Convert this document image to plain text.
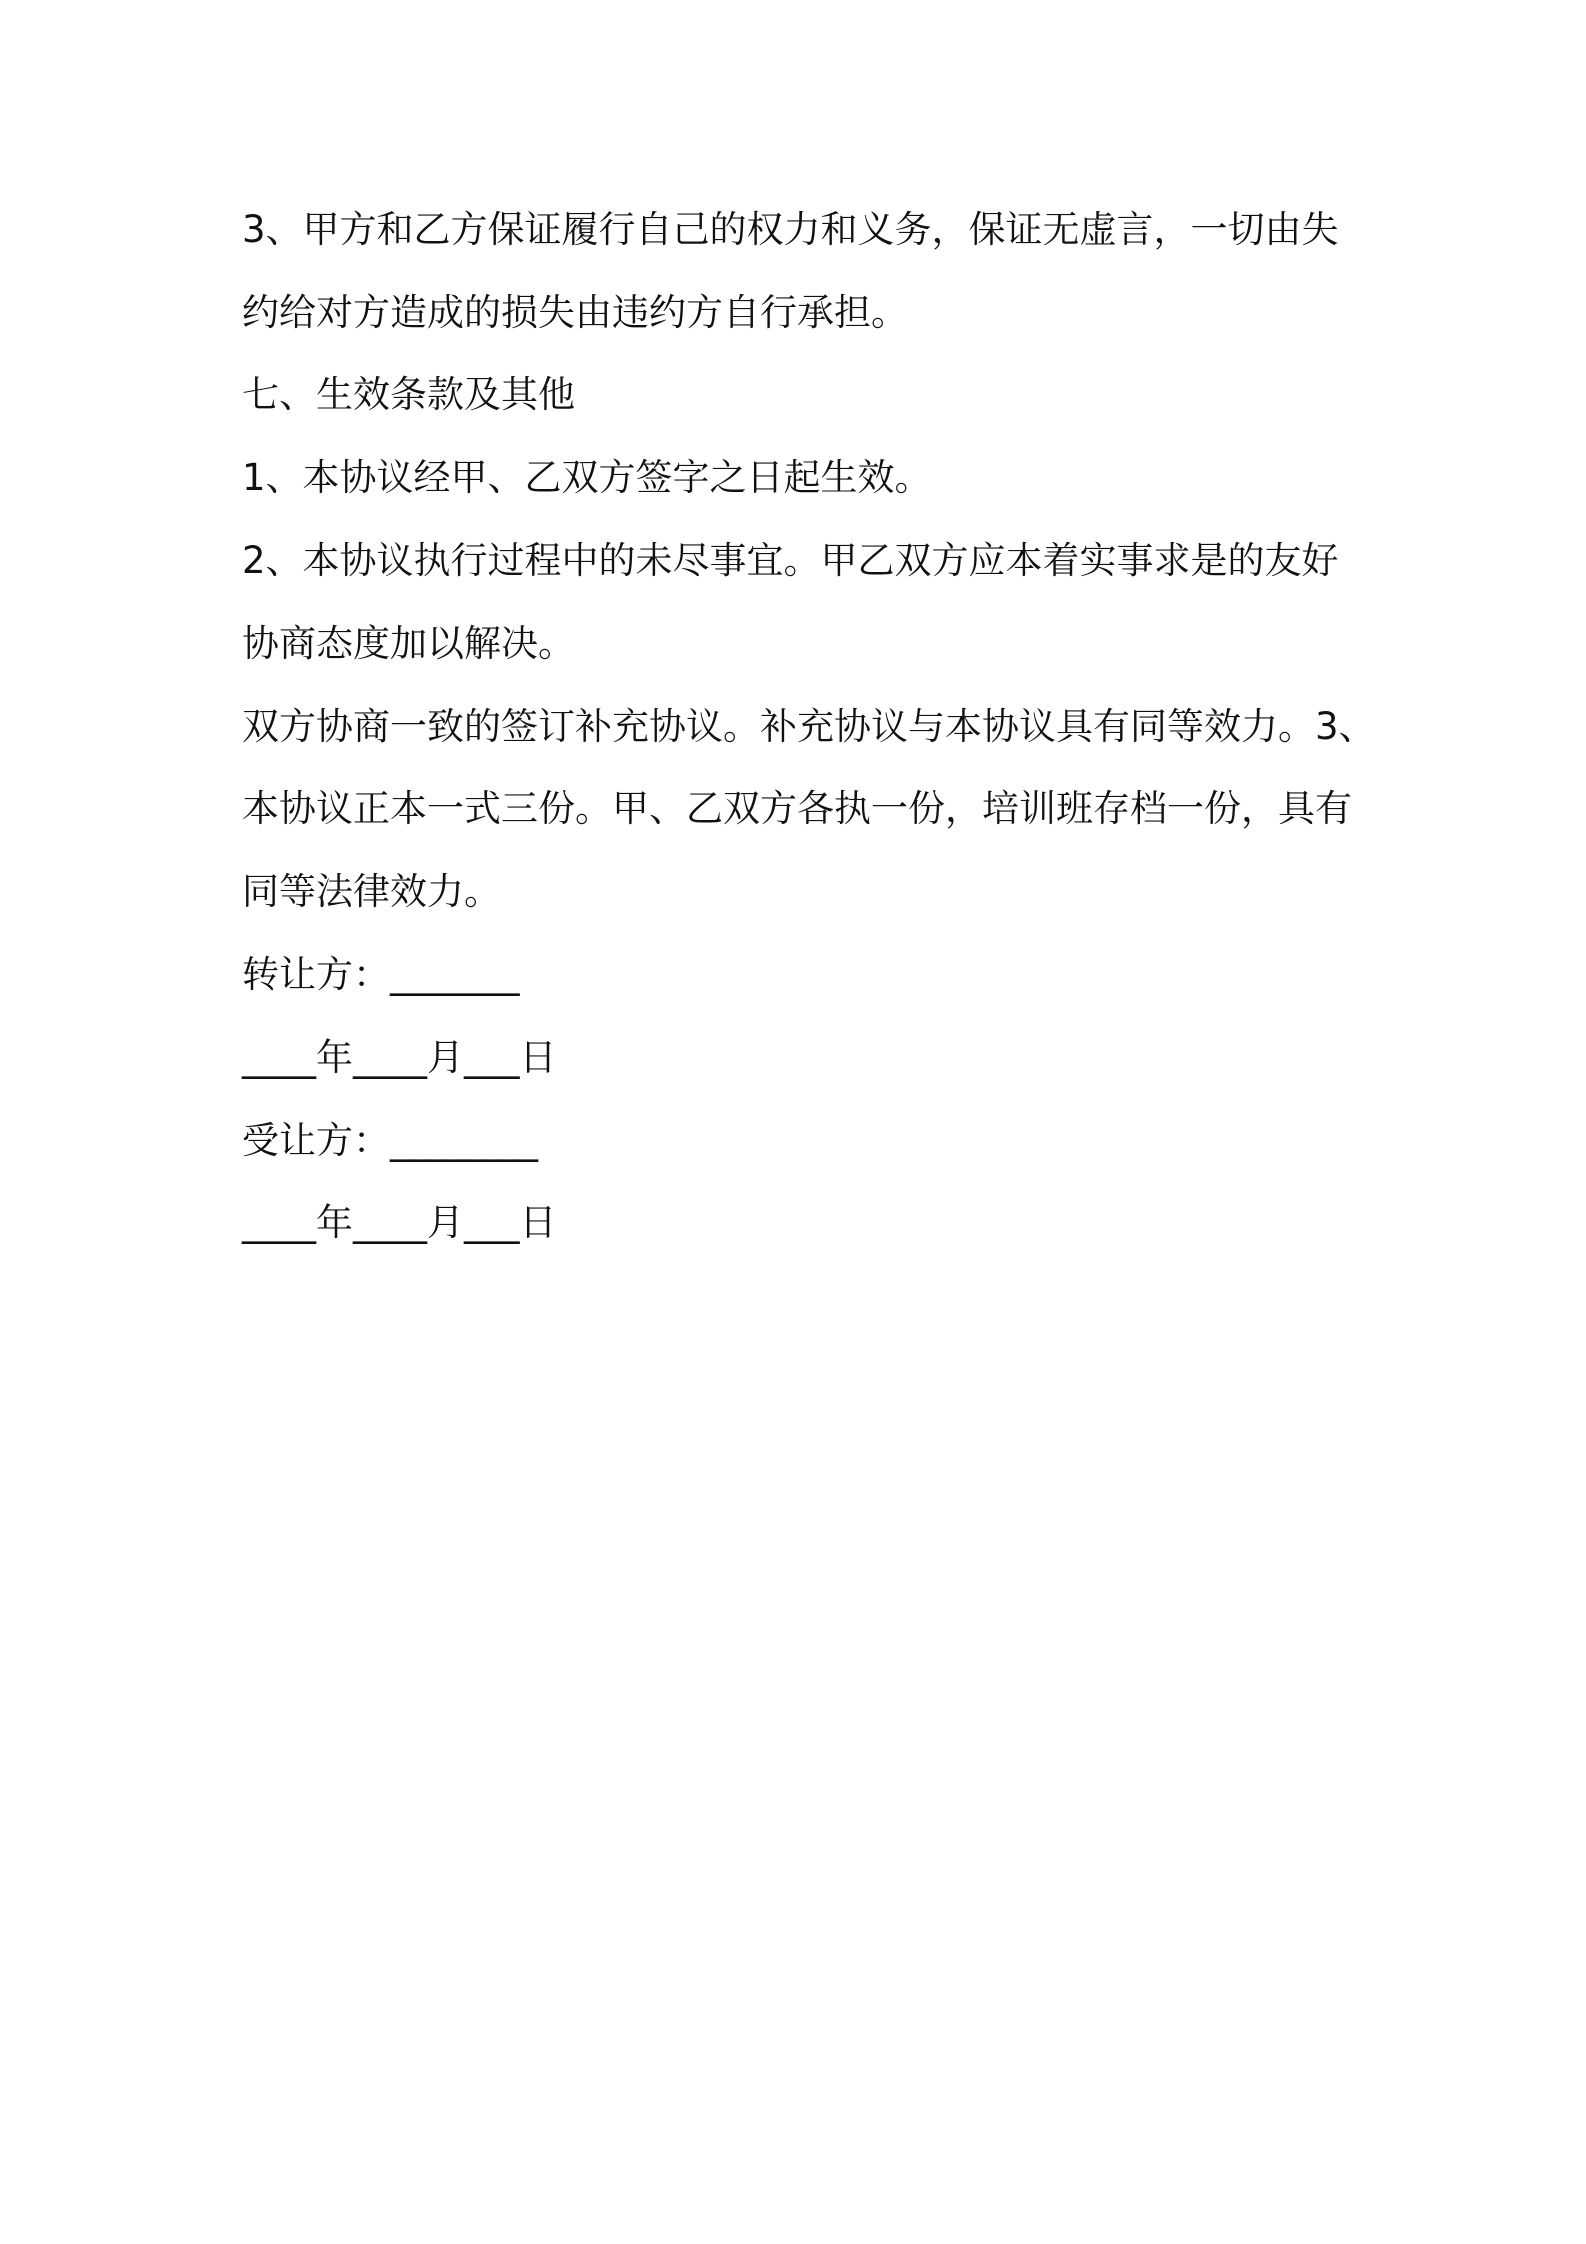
3、甲方和乙方保证履行自己的权力和义务，保证无虚言，一切由失
约给对方造成的损失由违约方自行承担。
七、生效条款及其他
1、本协议经甲、乙双方签字之日起生效。
2、本协议执行过程中的未尽事宜。甲乙双方应本着实事求是的友好
协商态度加以解决。
双方协商一致的签订补充协议。补充协议与本协议具有同等效力。3、
本协议正本一式三份。甲、乙双方各执一份，培训班存档一份，具有
同等法律效力。
转让方：_______
____年____月___日
受让方：________
____年____月___日
